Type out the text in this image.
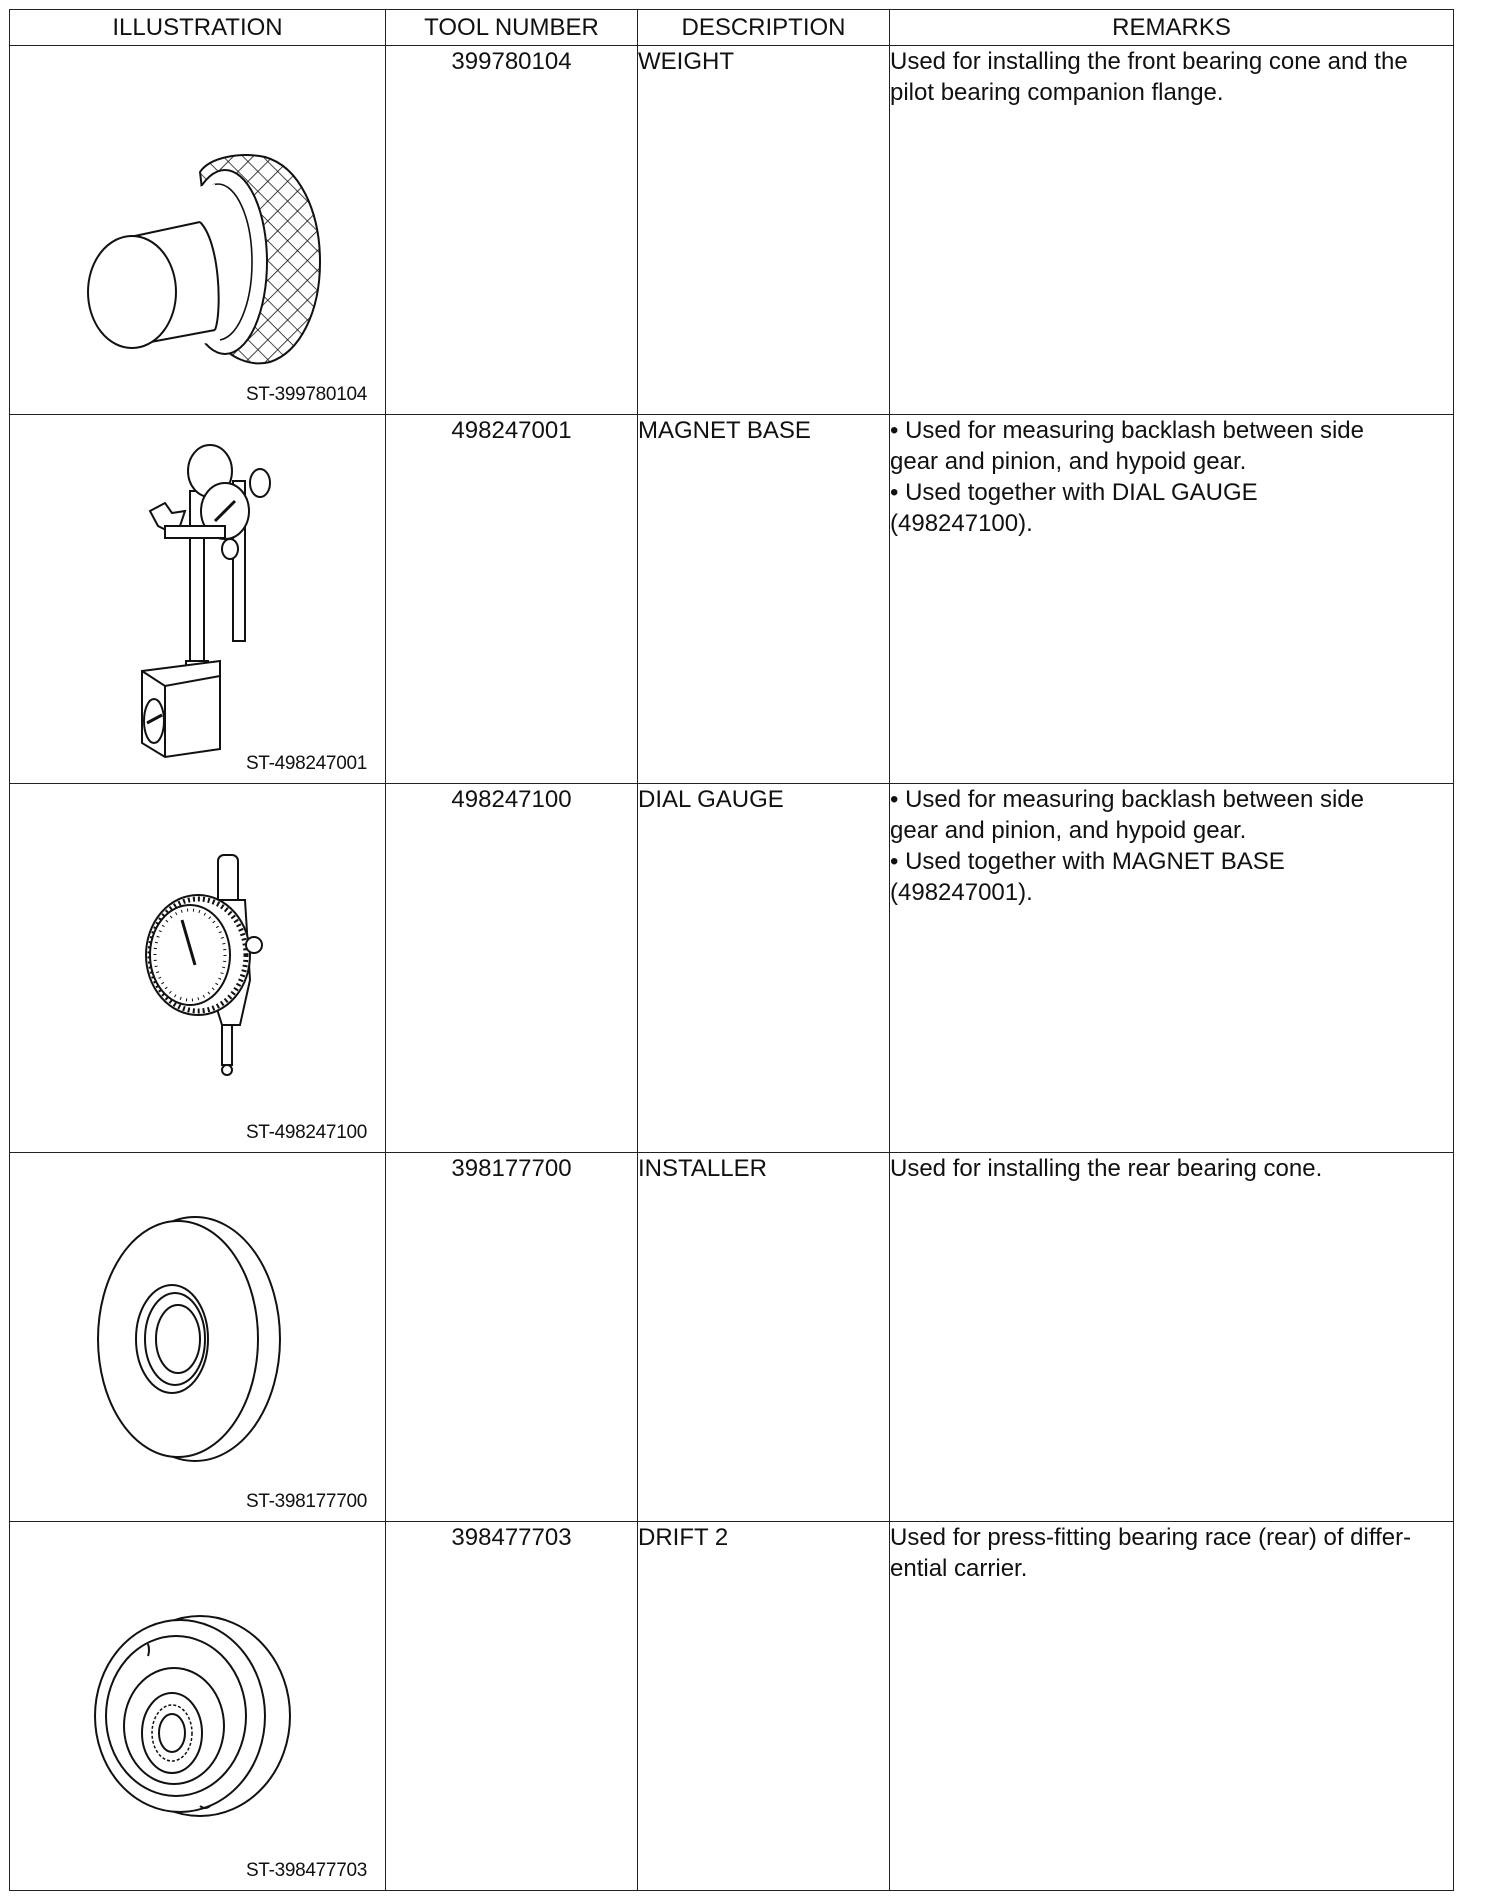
ILLUSTRATION	TOOL NUMBER	DESCRIPTION	REMARKS

ST-399780104	399780104	WEIGHT	Used for installing the front bearing cone and the
pilot bearing companion flange.

ST-498247001	498247001	MAGNET BASE	• Used for measuring backlash between side
gear and pinion, and hypoid gear.
• Used together with DIAL GAUGE
(498247100).

ST-498247100	498247100	DIAL GAUGE	• Used for measuring backlash between side
gear and pinion, and hypoid gear.
• Used together with MAGNET BASE
(498247001).

ST-398177700	398177700	INSTALLER	Used for installing the rear bearing cone.

ST-398477703	398477703	DRIFT 2	Used for press-fitting bearing race (rear) of differ-
ential carrier.
